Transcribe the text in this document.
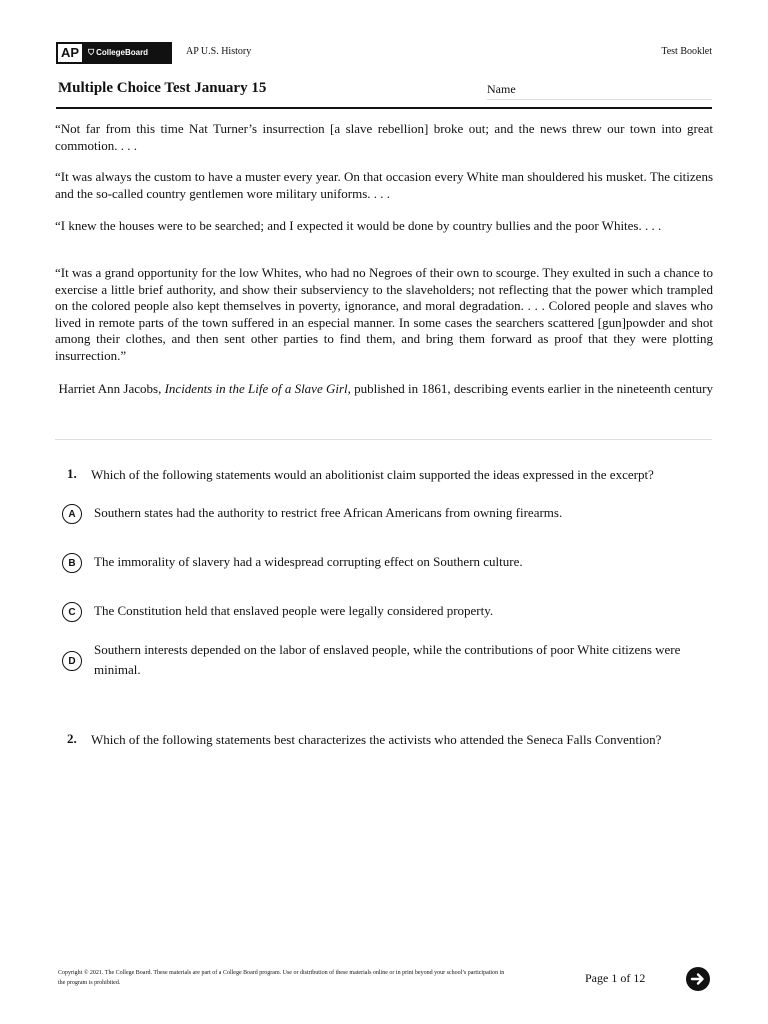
AP	⛉ CollegeBoard	AP U.S. History	Test Booklet
Multiple Choice Test January 15	Name
“Not far from this time Nat Turner’s insurrection [a slave rebellion] broke out; and the news threw our town into great commotion. . . .
“It was always the custom to have a muster every year. On that occasion every White man shouldered his musket. The citizens and the so-called country gentlemen wore military uniforms. . . .
“I knew the houses were to be searched; and I expected it would be done by country bullies and the poor Whites. . . .
“It was a grand opportunity for the low Whites, who had no Negroes of their own to scourge. They exulted in such a chance to exercise a little brief authority, and show their subserviency to the slaveholders; not reflecting that the power which trampled on the colored people also kept themselves in poverty, ignorance, and moral degradation. . . . Colored people and slaves who lived in remote parts of the town suffered in an especial manner. In some cases the searchers scattered [gun]powder and shot among their clothes, and then sent other parties to find them, and bring them forward as proof that they were plotting insurrection.”
Harriet Ann Jacobs, Incidents in the Life of a Slave Girl, published in 1861, describing events earlier in the nineteenth century
1. Which of the following statements would an abolitionist claim supported the ideas expressed in the excerpt?
A	Southern states had the authority to restrict free African Americans from owning firearms.
B	The immorality of slavery had a widespread corrupting effect on Southern culture.
C	The Constitution held that enslaved people were legally considered property.
D
Southern interests depended on the labor of enslaved people, while the contributions of poor White citizens were minimal.
2. Which of the following statements best characterizes the activists who attended the Seneca Falls Convention?
Copyright © 2021. The College Board. These materials are part of a College Board program. Use or distribution of these materials online or in print beyond your school’s participation in the program is prohibited.	Page 1 of 12
